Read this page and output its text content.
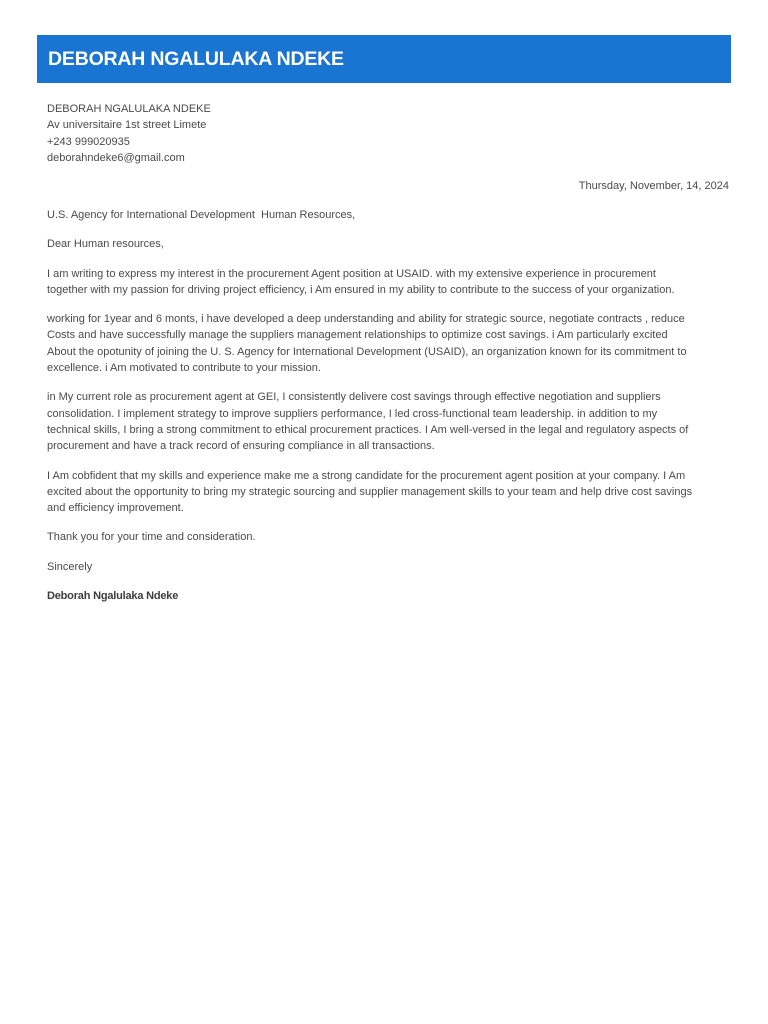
DEBORAH NGALULAKA NDEKE
DEBORAH NGALULAKA NDEKE
Av universitaire 1st street Limete
+243 999020935
deborahndeke6@gmail.com
Thursday, November, 14, 2024
U.S. Agency for International Development  Human Resources,
Dear Human resources,
I am writing to express my interest in the procurement Agent position at USAID. with my extensive experience in procurement
together with my passion for driving project efficiency, i Am ensured in my ability to contribute to the success of your organization.
working for 1year and 6 monts, i have developed a deep understanding and ability for strategic source, negotiate contracts , reduce
Costs and have successfully manage the suppliers management relationships to optimize cost savings. i Am particularly excited
About the opotunity of joining the U. S. Agency for International Development (USAID), an organization known for its commitment to
excellence. i Am motivated to contribute to your mission.
in My current role as procurement agent at GEI, I consistently delivere cost savings through effective negotiation and suppliers
consolidation. I implement strategy to improve suppliers performance, I led cross-functional team leadership. in addition to my
technical skills, I bring a strong commitment to ethical procurement practices. I Am well-versed in the legal and regulatory aspects of
procurement and have a track record of ensuring compliance in all transactions.
I Am cobfident that my skills and experience make me a strong candidate for the procurement agent position at your company. I Am
excited about the opportunity to bring my strategic sourcing and supplier management skills to your team and help drive cost savings
and efficiency improvement.
Thank you for your time and consideration.
Sincerely
Deborah Ngalulaka Ndeke
